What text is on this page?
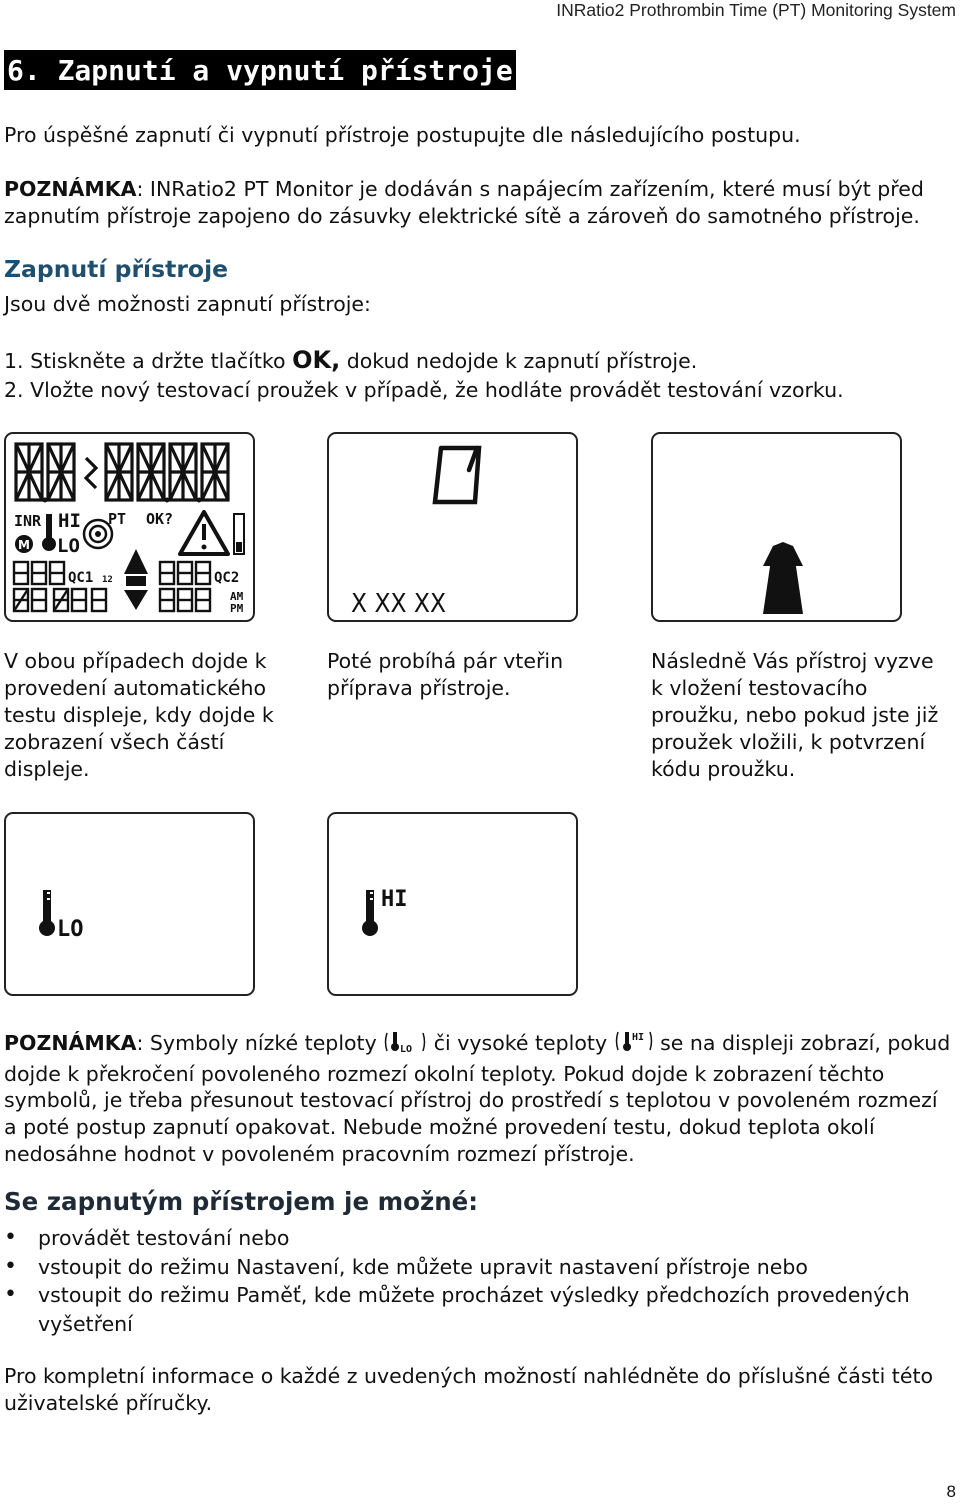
INRatio2 Prothrombin Time (PT) Monitoring System
6. Zapnutí a vypnutí přístroje
Pro úspěšné zapnutí či vypnutí přístroje postupujte dle následujícího postupu.
POZNÁMKA: INRatio2 PT Monitor je dodáván s napájecím zařízením, které musí být před
zapnutím přístroje zapojeno do zásuvky elektrické sítě a zároveň do samotného přístroje.
Zapnutí přístroje
Jsou dvě možnosti zapnutí přístroje:
1. Stiskněte a držte tlačítko OK, dokud nedojde k zapnutí přístroje.
2. Vložte nový testovací proužek v případě, že hodláte provádět testování vzorku.
INR HI PT OK?
LO
M
QC1	QC2
AM
PM
12
X XX XX
V obou případech dojde k
provedení automatického
testu displeje, kdy dojde k
zobrazení všech částí
displeje.
Poté probíhá pár vteřin
příprava přístroje.
Následně Vás přístroj vyzve
k vložení testovacího
proužku, nebo pokud jste již
proužek vložili, k potvrzení
kódu proužku.
LO
HI
POZNÁMKA: Symboly nízké teploty LO či vysoké teploty HI se na displeji zobrazí, pokud
dojde k překročení povoleného rozmezí okolní teploty. Pokud dojde k zobrazení těchto
symbolů, je třeba přesunout testovací přístroj do prostředí s teplotou v povoleném rozmezí
a poté postup zapnutí opakovat. Nebude možné provedení testu, dokud teplota okolí
nedosáhne hodnot v povoleném pracovním rozmezí přístroje.
Se zapnutým přístrojem je možné:
• provádět testování nebo
• vstoupit do režimu Nastavení, kde můžete upravit nastavení přístroje nebo
• vstoupit do režimu Paměť, kde můžete procházet výsledky předchozích provedených vyšetření
Pro kompletní informace o každé z uvedených možností nahlédněte do příslušné části této
uživatelské příručky.
8
